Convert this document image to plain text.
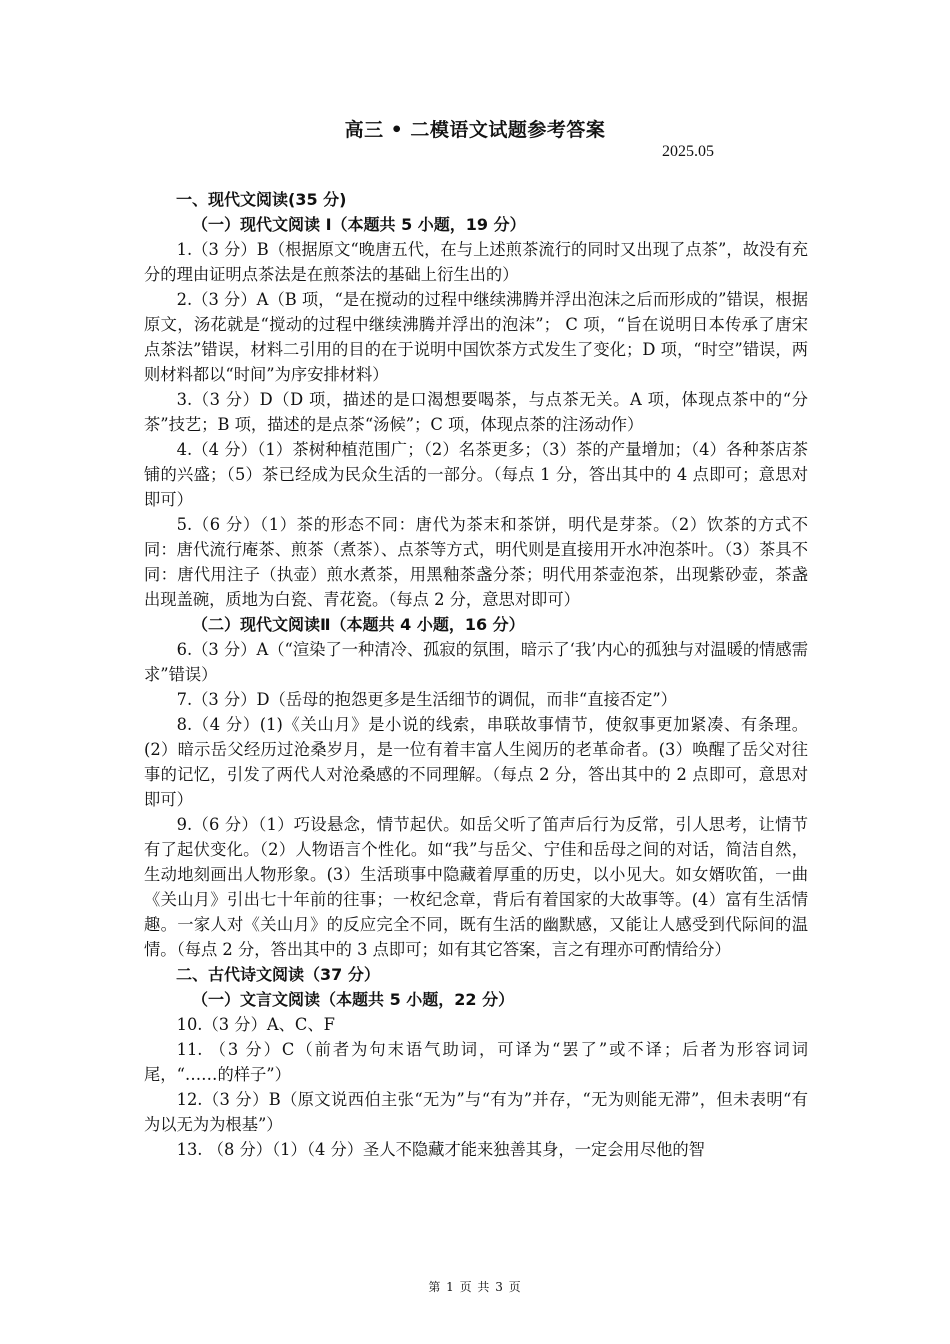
高三 • 二模语文试题参考答案
2025.05

一、现代文阅读(35 分)

（一）现代文阅读 I（本题共 5 小题，19 分）

1.（3 分）B（根据原文“晚唐五代，在与上述煎茶流行的同时又出现了点茶”，故没有充分的理由证明点茶法是在煎茶法的基础上衍生出的）

2.（3 分）A（B 项，“是在搅动的过程中继续沸腾并浮出泡沫之后而形成的”错误，根据原文，汤花就是“搅动的过程中继续沸腾并浮出的泡沫”； C 项，“旨在说明日本传承了唐宋点茶法”错误，材料二引用的目的在于说明中国饮茶方式发生了变化；D 项，“时空”错误，两则材料都以“时间”为序安排材料）

3.（3 分）D（D 项，描述的是口渴想要喝茶，与点茶无关。A 项，体现点茶中的“分茶”技艺；B 项，描述的是点茶“汤候”；C 项，体现点茶的注汤动作）

4.（4 分）（1）茶树种植范围广；（2）名茶更多；（3）茶的产量增加；（4）各种茶店茶铺的兴盛；（5）茶已经成为民众生活的一部分。（每点 1 分，答出其中的 4 点即可；意思对即可）

5.（6 分）（1）茶的形态不同：唐代为茶末和茶饼，明代是芽茶。（2）饮茶的方式不同：唐代流行庵茶、煎茶（煮茶）、点茶等方式，明代则是直接用开水冲泡茶叶。（3）茶具不同：唐代用注子（执壶）煎水煮茶，用黑釉茶盏分茶；明代用茶壶泡茶，出现紫砂壶，茶盏出现盖碗，质地为白瓷、青花瓷。（每点 2 分，意思对即可）

（二）现代文阅读Ⅱ（本题共 4 小题，16 分）

6.（3 分）A（“渲染了一种清冷、孤寂的氛围，暗示了‘我’内心的孤独与对温暖的情感需求”错误）

7.（3 分）D（岳母的抱怨更多是生活细节的调侃，而非“直接否定”）

8.（4 分）(1)《关山月》是小说的线索，串联故事情节，使叙事更加紧凑、有条理。(2）暗示岳父经历过沧桑岁月，是一位有着丰富人生阅历的老革命者。(3）唤醒了岳父对往事的记忆，引发了两代人对沧桑感的不同理解。（每点 2 分，答出其中的 2 点即可，意思对即可）

9.（6 分）（1）巧设悬念，情节起伏。如岳父听了笛声后行为反常，引人思考，让情节有了起伏变化。（2）人物语言个性化。如“我”与岳父、宁佳和岳母之间的对话，简洁自然，生动地刻画出人物形象。(3）生活琐事中隐藏着厚重的历史，以小见大。如女婿吹笛，一曲《关山月》引出七十年前的往事；一枚纪念章，背后有着国家的大故事等。(4）富有生活情趣。一家人对《关山月》的反应完全不同，既有生活的幽默感，又能让人感受到代际间的温情。（每点 2 分，答出其中的 3 点即可；如有其它答案，言之有理亦可酌情给分）

二、古代诗文阅读（37 分）

（一）文言文阅读（本题共 5 小题，22 分）

10.（3 分）A、C、F

11. （3 分）C（前者为句末语气助词，可译为“罢了”或不译；后者为形容词词尾，“……的样子”）

12.（3 分）B（原文说西伯主张“无为”与“有为”并存，“无为则能无滞”，但未表明“有为以无为为根基”）

13. （8 分）（1）（4 分）圣人不隐藏才能来独善其身，一定会用尽他的智

第 1 页 共 3 页
